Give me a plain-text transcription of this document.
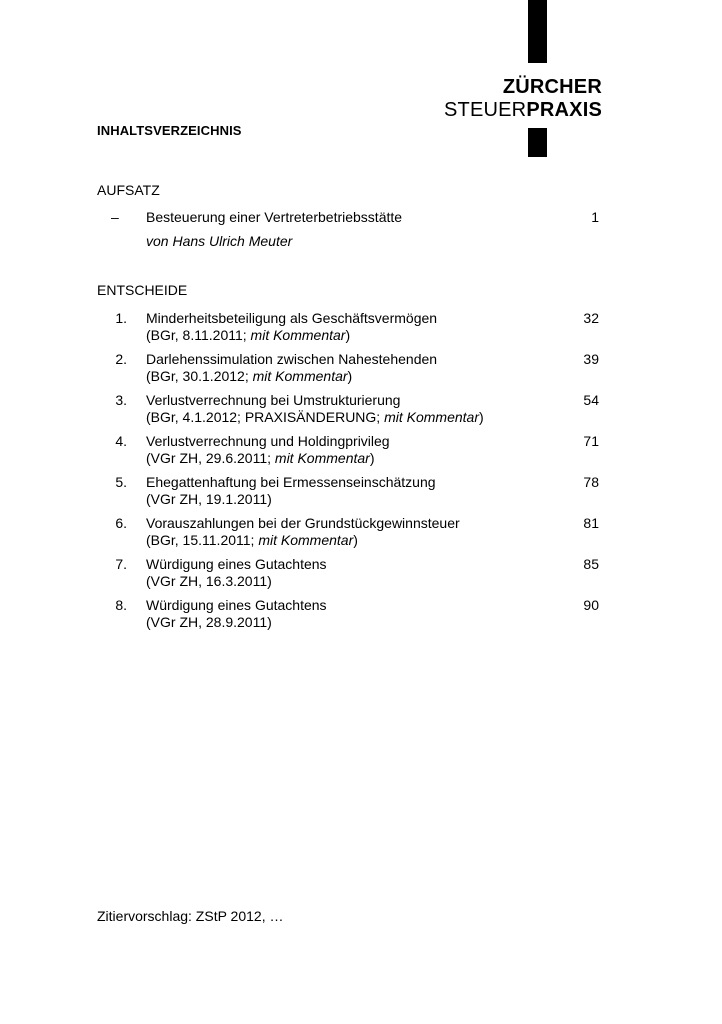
ZÜRCHER
STEUERPRAXIS
INHALTSVERZEICHNIS
AUFSATZ
– Besteuerung einer Vertreterbetriebsstätte	1
von Hans Ulrich Meuter
ENTSCHEIDE
1. Minderheitsbeteiligung als Geschäftsvermögen	32
(BGr, 8.11.2011; mit Kommentar)
2. Darlehenssimulation zwischen Nahestehenden	39
(BGr, 30.1.2012; mit Kommentar)
3. Verlustverrechnung bei Umstrukturierung	54
(BGr, 4.1.2012; PRAXISÄNDERUNG; mit Kommentar)
4. Verlustverrechnung und Holdingprivileg	71
(VGr ZH, 29.6.2011; mit Kommentar)
5. Ehegattenhaftung bei Ermessenseinschätzung	78
(VGr ZH, 19.1.2011)
6. Vorauszahlungen bei der Grundstückgewinnsteuer	81
(BGr, 15.11.2011; mit Kommentar)
7. Würdigung eines Gutachtens	85
(VGr ZH, 16.3.2011)
8. Würdigung eines Gutachtens	90
(VGr ZH, 28.9.2011)
Zitiervorschlag: ZStP 2012, …
